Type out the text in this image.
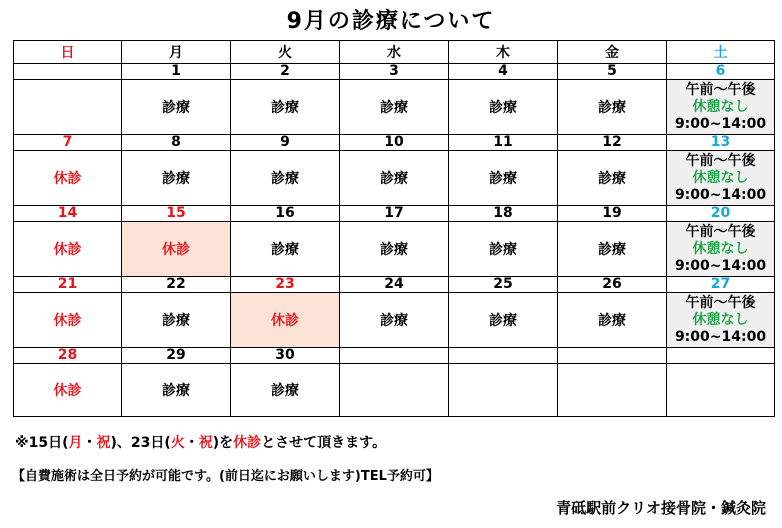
9月の診療について
日	月	火	水	木	金	土
	1	2	3	4	5	6
	診療	診療	診療	診療	診療	午前～午後
休憩なし
9:00~14:00

7	8	9	10	11	12	13
休診	診療	診療	診療	診療	診療	午前～午後
休憩なし
9:00~14:00

14	15	16	17	18	19	20
休診	休診	診療	診療	診療	診療	午前～午後
休憩なし
9:00~14:00

21	22	23	24	25	26	27
休診	診療	休診	診療	診療	診療	午前～午後
休憩なし
9:00~14:00

28	29	30				
休診	診療	診療				
※15日(月・祝)、23日(火・祝)を休診とさせて頂きます。
【自費施術は全日予約が可能です。(前日迄にお願いします)TEL予約可】
青砥駅前クリオ接骨院・鍼灸院
